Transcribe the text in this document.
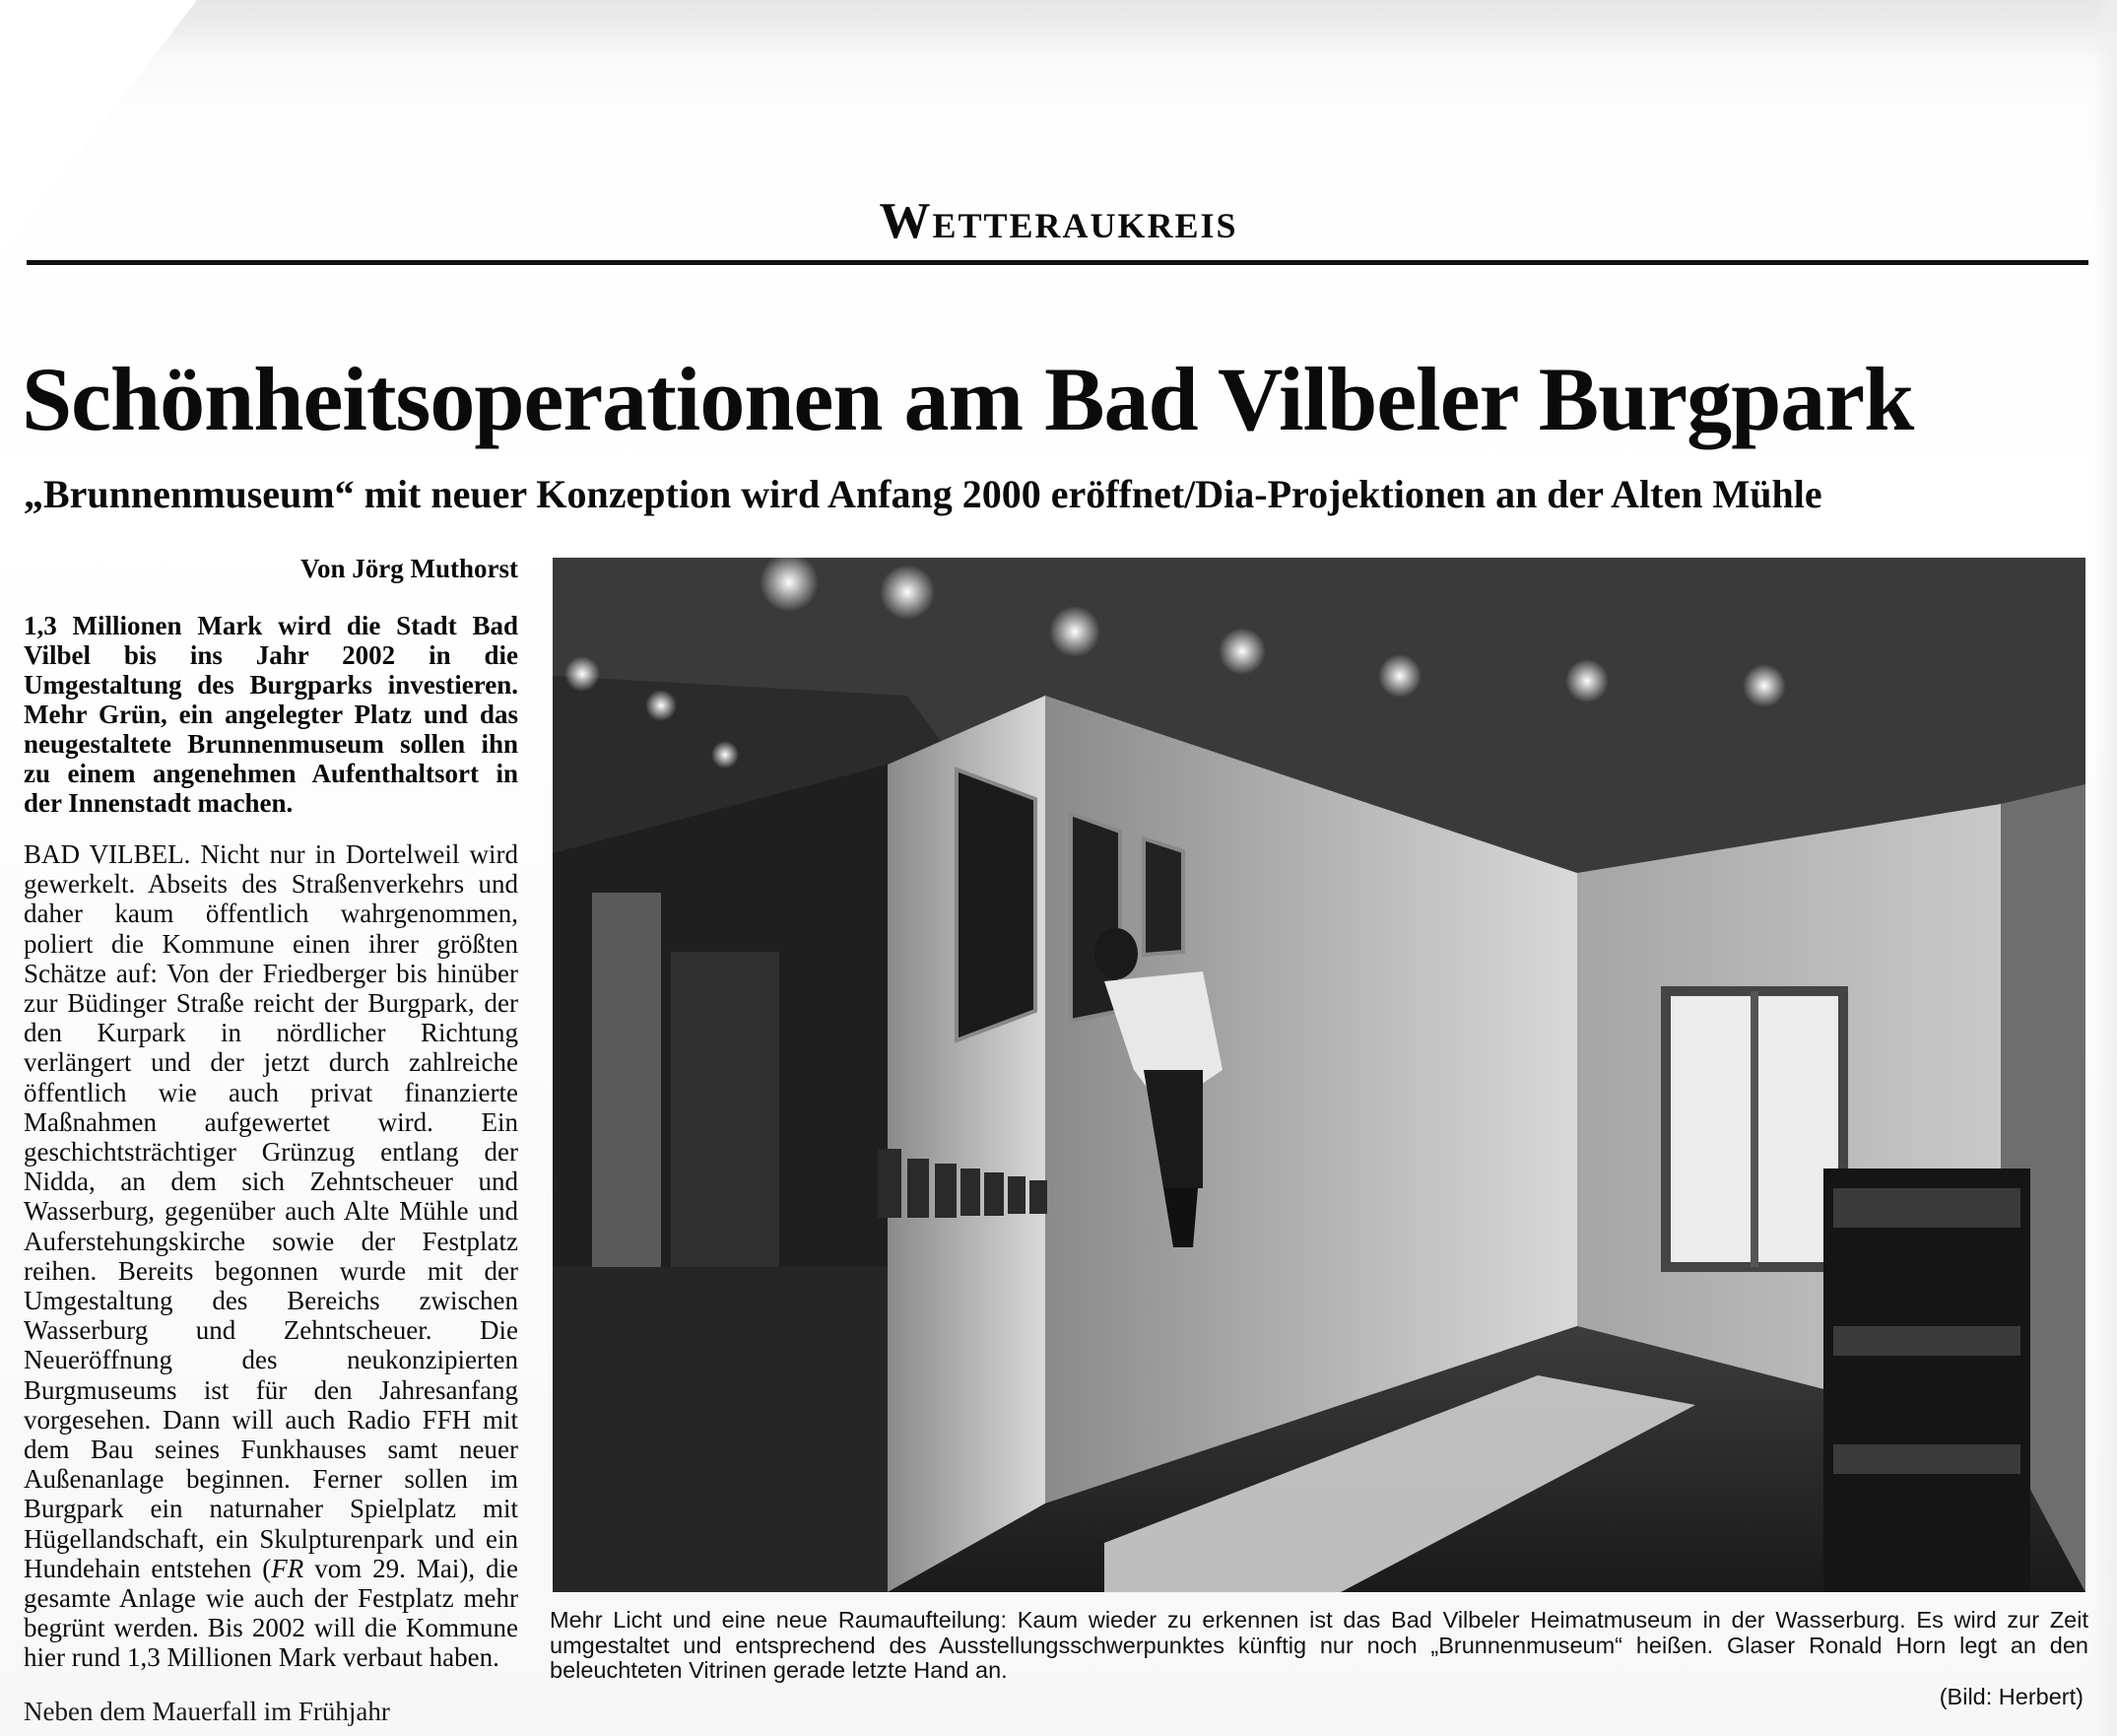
Wetteraukreis
Schönheitsoperationen am Bad Vilbeler Burgpark
„Brunnenmuseum“ mit neuer Konzeption wird Anfang 2000 eröffnet/Dia-Projektionen an der Alten Mühle
Von Jörg Muthorst

1,3 Millionen Mark wird die Stadt Bad Vilbel bis ins Jahr 2002 in die Umgestaltung des Burgparks investieren. Mehr Grün, ein angelegter Platz und das neugestaltete Brunnenmuseum sollen ihn zu einem angenehmen Aufenthaltsort in der Innenstadt machen.

BAD VILBEL. Nicht nur in Dortelweil wird gewerkelt. Abseits des Straßenverkehrs und daher kaum öffentlich wahrgenommen, poliert die Kommune einen ihrer größten Schätze auf: Von der Friedberger bis hinüber zur Büdinger Straße reicht der Burgpark, der den Kurpark in nördlicher Richtung verlängert und der jetzt durch zahlreiche öffentlich wie auch privat finanzierte Maßnahmen aufgewertet wird. Ein geschichtsträchtiger Grünzug entlang der Nidda, an dem sich Zehntscheuer und Wasserburg, gegenüber auch Alte Mühle und Auferstehungskirche sowie der Festplatz reihen. Bereits begonnen wurde mit der Umgestaltung des Bereichs zwischen Wasserburg und Zehntscheuer. Die Neueröffnung des neukonzipierten Burgmuseums ist für den Jahresanfang vorgesehen. Dann will auch Radio FFH mit dem Bau seines Funkhauses samt neuer Außenanlage beginnen. Ferner sollen im Burgpark ein naturnaher Spielplatz mit Hügellandschaft, ein Skulpturenpark und ein Hundehain entstehen (FR vom 29. Mai), die gesamte Anlage wie auch der Festplatz mehr begrünt werden. Bis 2002 will die Kommune hier rund 1,3 Millionen Mark verbaut haben.

Neben dem Mauerfall im Frühjahr
Mehr Licht und eine neue Raumaufteilung: Kaum wieder zu erkennen ist das Bad Vilbeler Heimatmuseum in der Wasserburg. Es wird zur Zeit umgestaltet und entsprechend des Ausstellungsschwerpunktes künftig nur noch „Brunnenmuseum“ heißen. Glaser Ronald Horn legt an den beleuchteten Vitrinen gerade letzte Hand an.
(Bild: Herbert)
